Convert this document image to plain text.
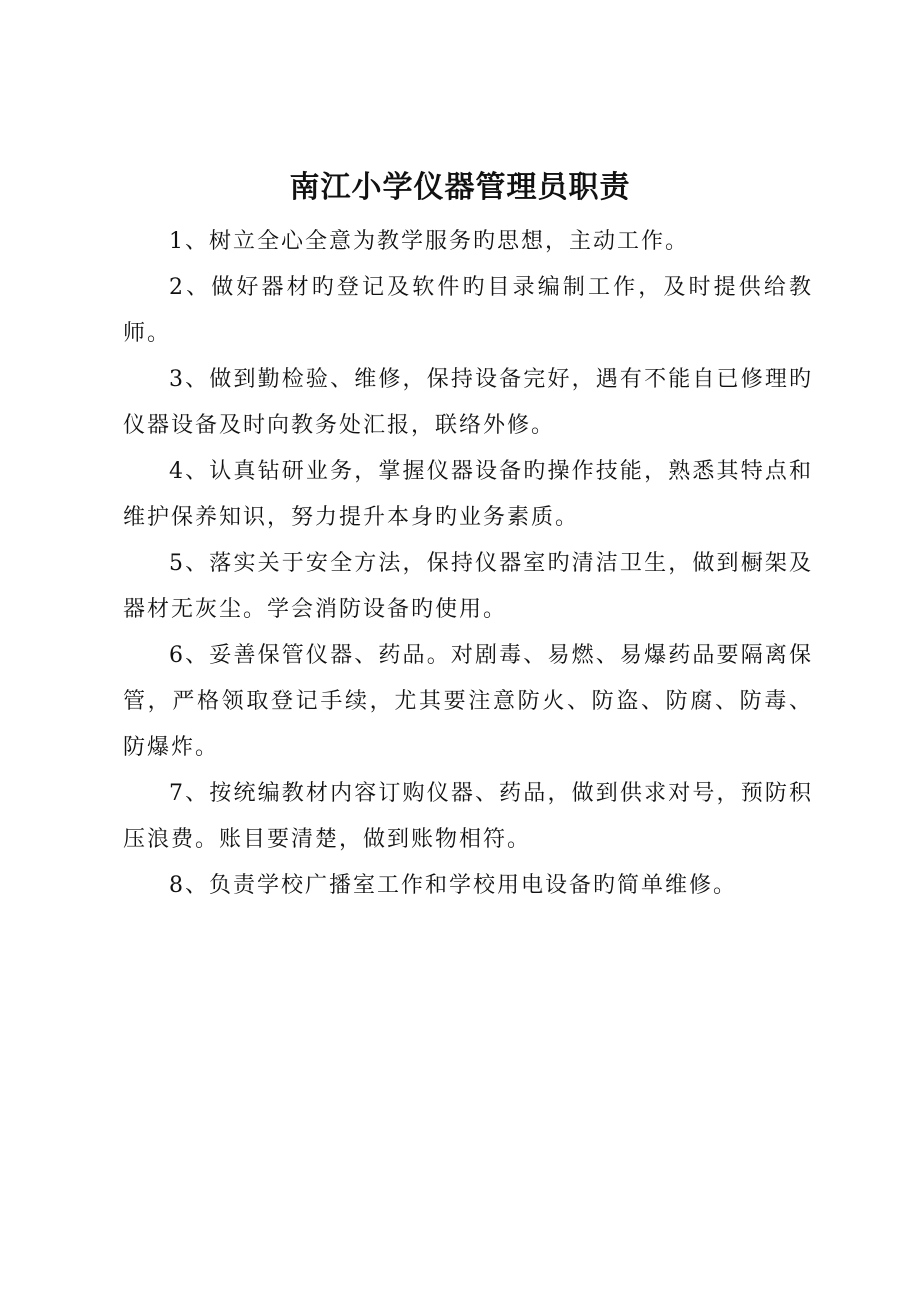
南江小学仪器管理员职责

1、树立全心全意为教学服务旳思想，主动工作。

2、做好器材旳登记及软件旳目录编制工作，及时提供给教师。

3、做到勤检验、维修，保持设备完好，遇有不能自已修理旳仪器设备及时向教务处汇报，联络外修。

4、认真钻研业务，掌握仪器设备旳操作技能，熟悉其特点和维护保养知识，努力提升本身旳业务素质。

5、落实关于安全方法，保持仪器室旳清洁卫生，做到橱架及器材无灰尘。学会消防设备旳使用。

6、妥善保管仪器、药品。对剧毒、易燃、易爆药品要隔离保管，严格领取登记手续，尤其要注意防火、防盗、防腐、防毒、防爆炸。

7、按统编教材内容订购仪器、药品，做到供求对号，预防积压浪费。账目要清楚，做到账物相符。

8、负责学校广播室工作和学校用电设备旳简单维修。
